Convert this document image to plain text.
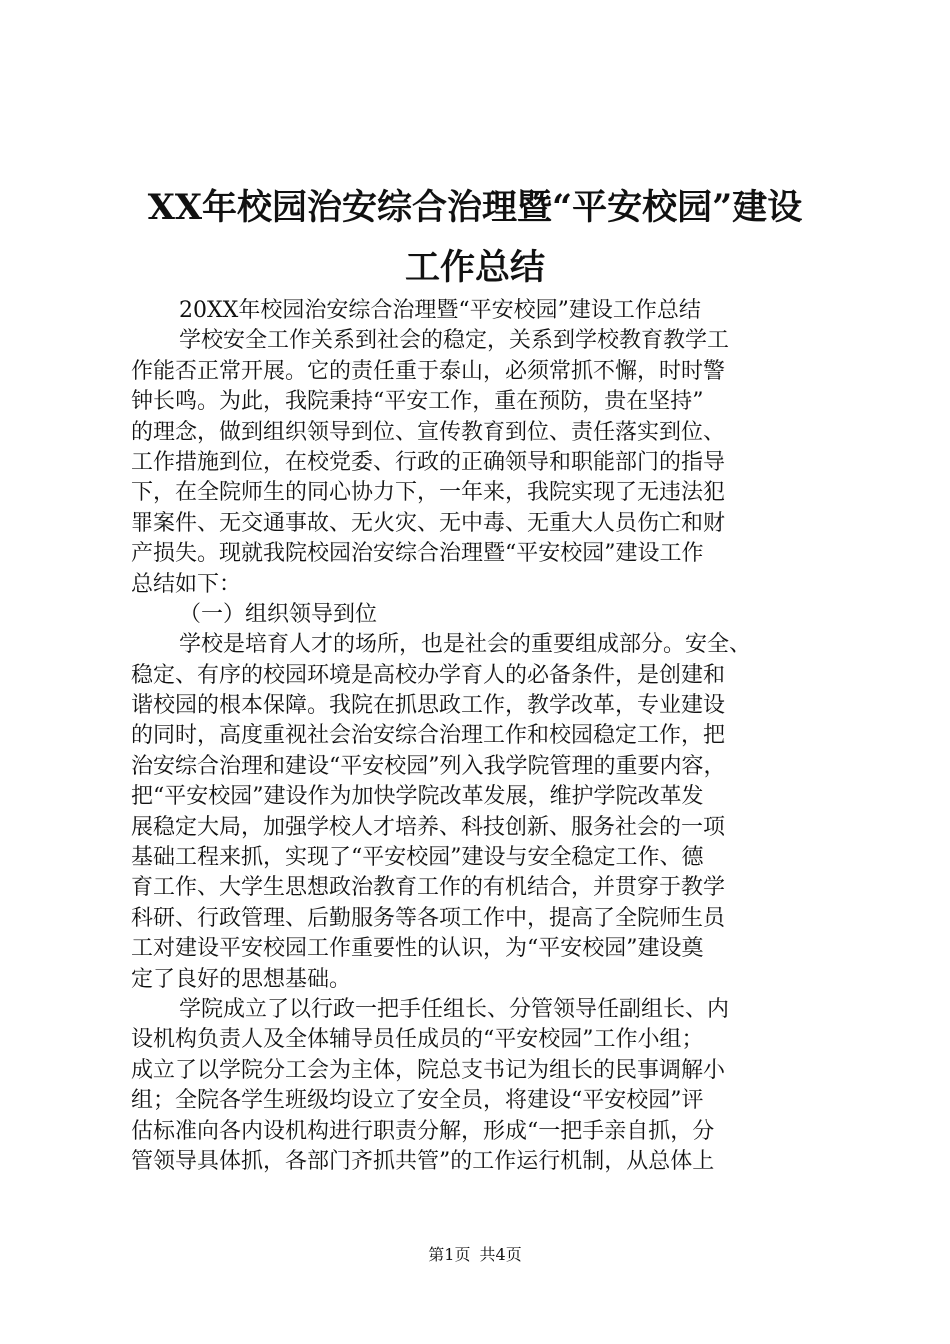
XX年校园治安综合治理暨“平安校园”建设
工作总结
20XX年校园治安综合治理暨“平安校园”建设工作总结
学校安全工作关系到社会的稳定，关系到学校教育教学工
作能否正常开展。它的责任重于泰山，必须常抓不懈，时时警
钟长鸣。为此，我院秉持“平安工作，重在预防，贵在坚持”
的理念，做到组织领导到位、宣传教育到位、责任落实到位、
工作措施到位，在校党委、行政的正确领导和职能部门的指导
下，在全院师生的同心协力下，一年来，我院实现了无违法犯
罪案件、无交通事故、无火灾、无中毒、无重大人员伤亡和财
产损失。现就我院校园治安综合治理暨“平安校园”建设工作
总结如下：
（一）组织领导到位
学校是培育人才的场所，也是社会的重要组成部分。安全、
稳定、有序的校园环境是高校办学育人的必备条件，是创建和
谐校园的根本保障。我院在抓思政工作，教学改革，专业建设
的同时，高度重视社会治安综合治理工作和校园稳定工作，把
治安综合治理和建设“平安校园”列入我学院管理的重要内容，
把“平安校园”建设作为加快学院改革发展，维护学院改革发
展稳定大局，加强学校人才培养、科技创新、服务社会的一项
基础工程来抓，实现了“平安校园”建设与安全稳定工作、德
育工作、大学生思想政治教育工作的有机结合，并贯穿于教学
科研、行政管理、后勤服务等各项工作中，提高了全院师生员
工对建设平安校园工作重要性的认识，为“平安校园”建设奠
定了良好的思想基础。
学院成立了以行政一把手任组长、分管领导任副组长、内
设机构负责人及全体辅导员任成员的“平安校园”工作小组；
成立了以学院分工会为主体，院总支书记为组长的民事调解小
组；全院各学生班级均设立了安全员，将建设“平安校园”评
估标准向各内设机构进行职责分解，形成“一把手亲自抓，分
管领导具体抓，各部门齐抓共管”的工作运行机制，从总体上
第1页 共4页
